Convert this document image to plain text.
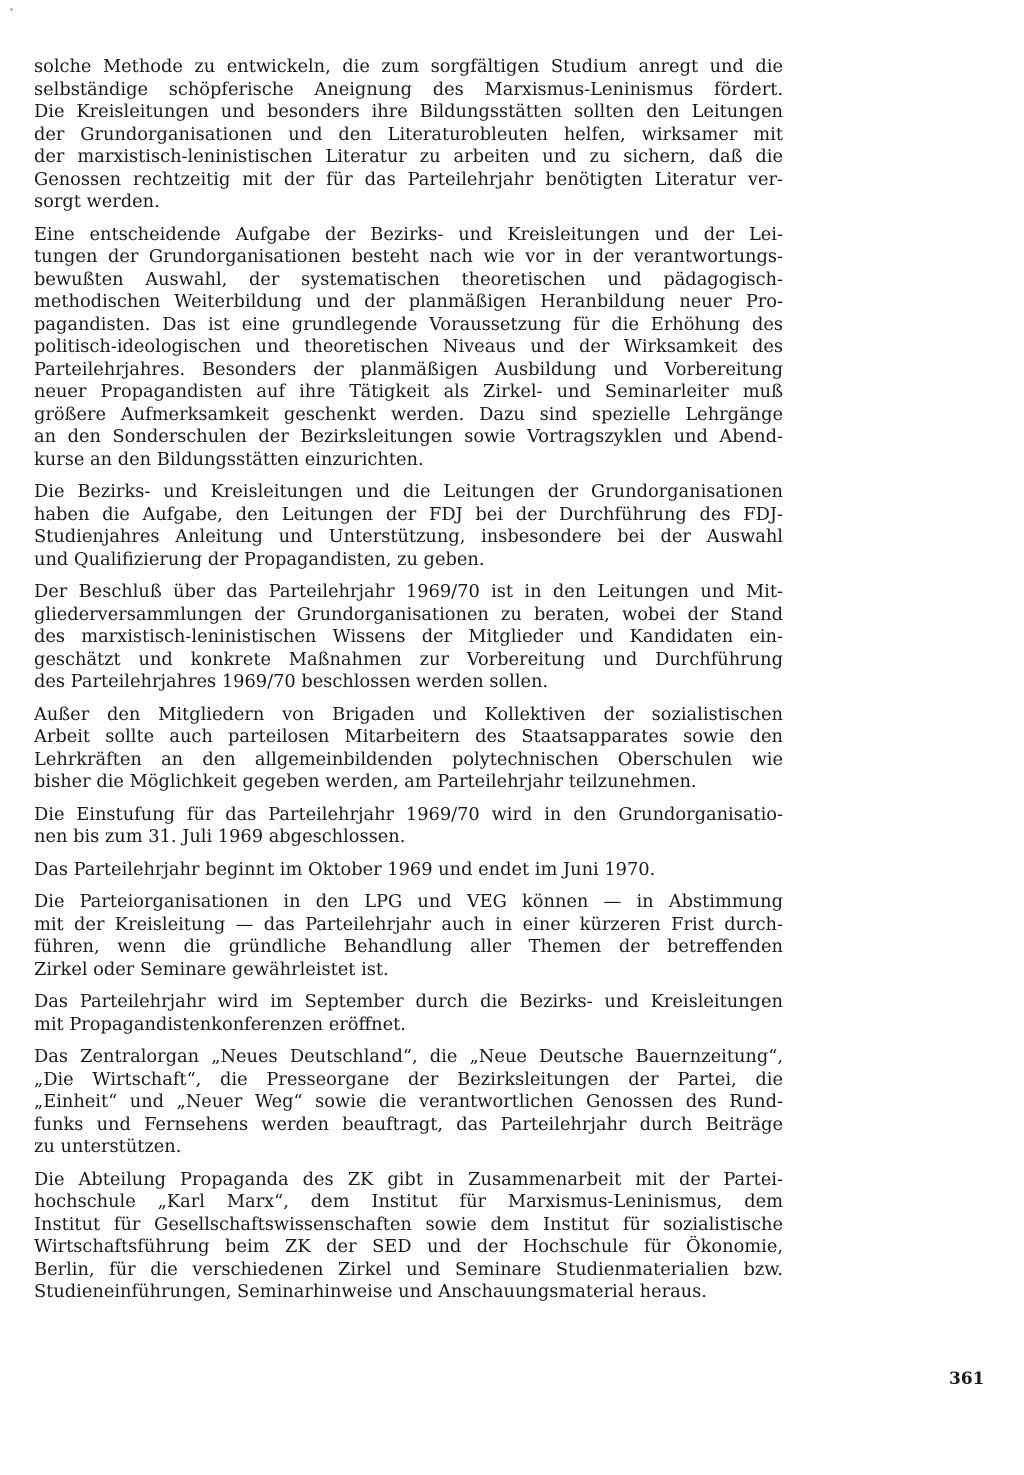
solche Methode zu entwickeln, die zum sorgfältigen Studium anregt und die
selbständige schöpferische Aneignung des Marxismus-Leninismus fördert.
Die Kreisleitungen und besonders ihre Bildungsstätten sollten den Leitungen
der Grundorganisationen und den Literaturobleuten helfen, wirksamer mit
der marxistisch-leninistischen Literatur zu arbeiten und zu sichern, daß die
Genossen rechtzeitig mit der für das Parteilehrjahr benötigten Literatur ver-
sorgt werden.
Eine entscheidende Aufgabe der Bezirks- und Kreisleitungen und der Lei-
tungen der Grundorganisationen besteht nach wie vor in der verantwortungs-
bewußten Auswahl, der systematischen theoretischen und pädagogisch-
methodischen Weiterbildung und der planmäßigen Heranbildung neuer Pro-
pagandisten. Das ist eine grundlegende Voraussetzung für die Erhöhung des
politisch-ideologischen und theoretischen Niveaus und der Wirksamkeit des
Parteilehrjahres. Besonders der planmäßigen Ausbildung und Vorbereitung
neuer Propagandisten auf ihre Tätigkeit als Zirkel- und Seminarleiter muß
größere Aufmerksamkeit geschenkt werden. Dazu sind spezielle Lehrgänge
an den Sonderschulen der Bezirksleitungen sowie Vortragszyklen und Abend-
kurse an den Bildungsstätten einzurichten.
Die Bezirks- und Kreisleitungen und die Leitungen der Grundorganisationen
haben die Aufgabe, den Leitungen der FDJ bei der Durchführung des FDJ-
Studienjahres Anleitung und Unterstützung, insbesondere bei der Auswahl
und Qualifizierung der Propagandisten, zu geben.
Der Beschluß über das Parteilehrjahr 1969/70 ist in den Leitungen und Mit-
gliederversammlungen der Grundorganisationen zu beraten, wobei der Stand
des marxistisch-leninistischen Wissens der Mitglieder und Kandidaten ein-
geschätzt und konkrete Maßnahmen zur Vorbereitung und Durchführung
des Parteilehrjahres 1969/70 beschlossen werden sollen.
Außer den Mitgliedern von Brigaden und Kollektiven der sozialistischen
Arbeit sollte auch parteilosen Mitarbeitern des Staatsapparates sowie den
Lehrkräften an den allgemeinbildenden polytechnischen Oberschulen wie
bisher die Möglichkeit gegeben werden, am Parteilehrjahr teilzunehmen.
Die Einstufung für das Parteilehrjahr 1969/70 wird in den Grundorganisatio-
nen bis zum 31. Juli 1969 abgeschlossen.
Das Parteilehrjahr beginnt im Oktober 1969 und endet im Juni 1970.
Die Parteiorganisationen in den LPG und VEG können — in Abstimmung
mit der Kreisleitung — das Parteilehrjahr auch in einer kürzeren Frist durch-
führen, wenn die gründliche Behandlung aller Themen der betreffenden
Zirkel oder Seminare gewährleistet ist.
Das Parteilehrjahr wird im September durch die Bezirks- und Kreisleitungen
mit Propagandistenkonferenzen eröffnet.
Das Zentralorgan „Neues Deutschland“, die „Neue Deutsche Bauernzeitung“,
„Die Wirtschaft“, die Presseorgane der Bezirksleitungen der Partei, die
„Einheit“ und „Neuer Weg“ sowie die verantwortlichen Genossen des Rund-
funks und Fernsehens werden beauftragt, das Parteilehrjahr durch Beiträge
zu unterstützen.
Die Abteilung Propaganda des ZK gibt in Zusammenarbeit mit der Partei-
hochschule „Karl Marx“, dem Institut für Marxismus-Leninismus, dem
Institut für Gesellschaftswissenschaften sowie dem Institut für sozialistische
Wirtschaftsführung beim ZK der SED und der Hochschule für Ökonomie,
Berlin, für die verschiedenen Zirkel und Seminare Studienmaterialien bzw.
Studieneinführungen, Seminarhinweise und Anschauungsmaterial heraus.
361
